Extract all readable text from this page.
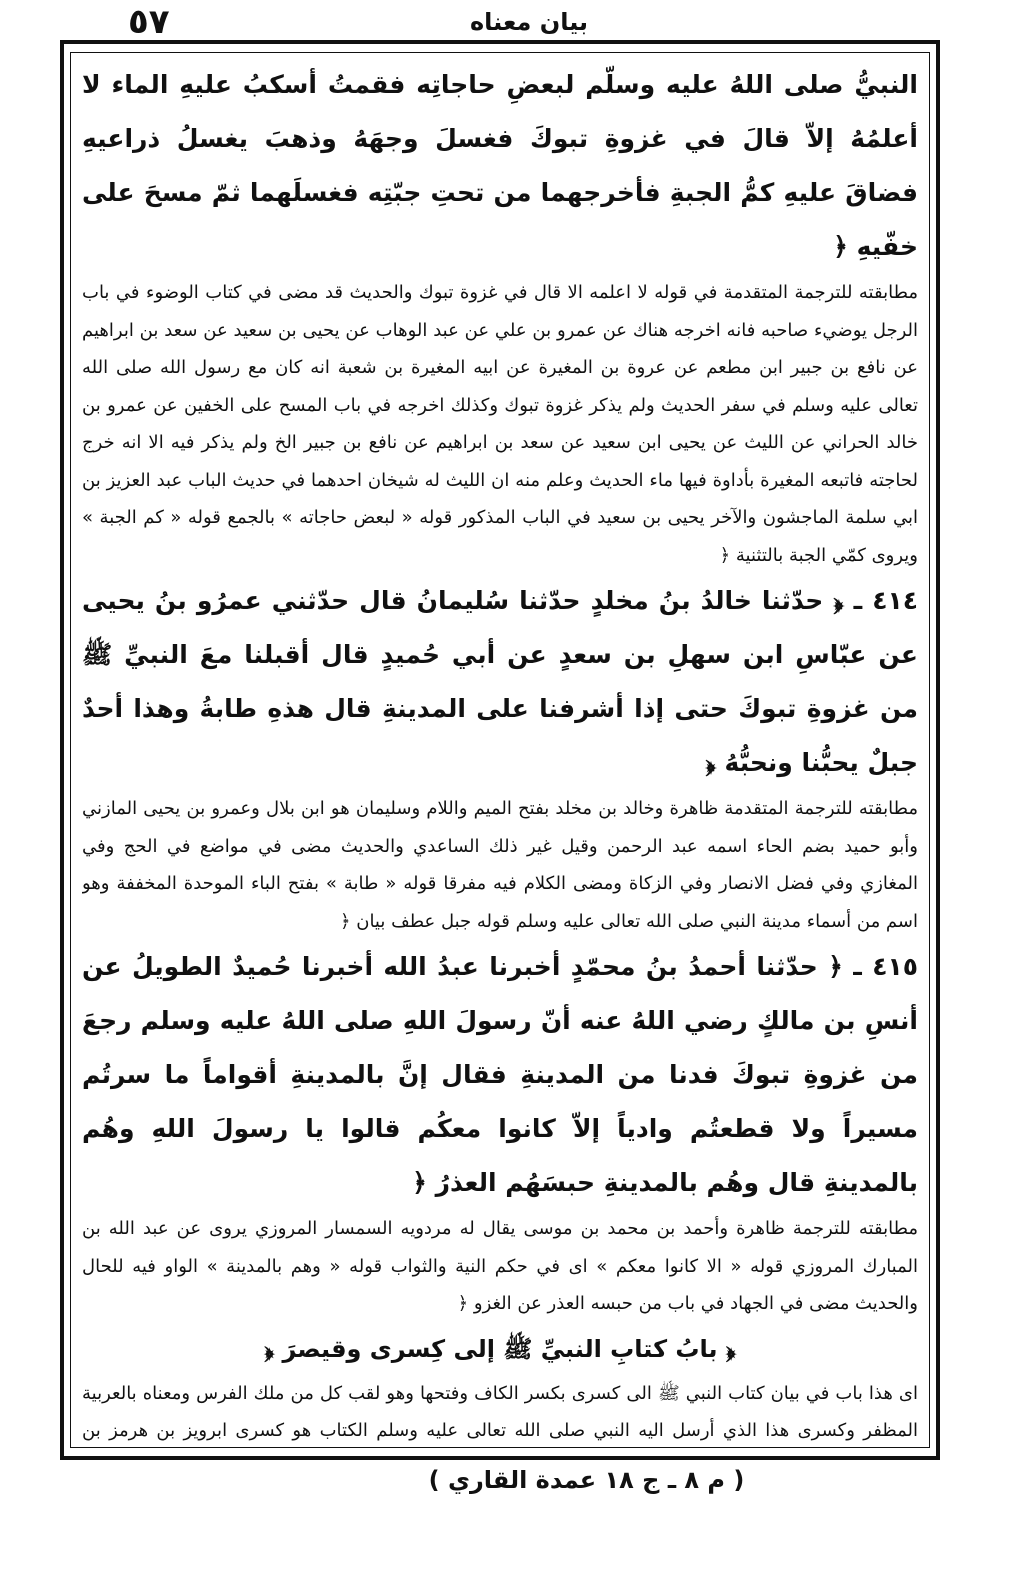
٥٧	بيان معناه

النبيُّ صلى اللهُ عليه وسلّم لبعضِ حاجاتِه فقمتُ أسكبُ عليهِ الماء لا أعلمُهُ إلاّ قالَ في غزوةِ تبوكَ فغسلَ وجهَهُ وذهبَ يغسلُ ذراعيهِ فضاقَ عليهِ كمُّ الجبةِ فأخرجهما من تحتِ جبّتِه فغسلَهما ثمّ مسحَ على خفّيهِ ﴿

مطابقته للترجمة المتقدمة في قوله لا اعلمه الا قال في غزوة تبوك والحديث قد مضى في كتاب الوضوء في باب الرجل يوضيء صاحبه فانه اخرجه هناك عن عمرو بن علي عن عبد الوهاب عن يحيى بن سعيد عن سعد بن ابراهيم عن نافع بن جبير ابن مطعم عن عروة بن المغيرة عن ابيه المغيرة بن شعبة انه كان مع رسول الله صلى الله تعالى عليه وسلم في سفر الحديث ولم يذكر غزوة تبوك وكذلك اخرجه في باب المسح على الخفين عن عمرو بن خالد الحراني عن الليث عن يحيى ابن سعيد عن سعد بن ابراهيم عن نافع بن جبير الخ ولم يذكر فيه الا انه خرج لحاجته فاتبعه المغيرة بأداوة فيها ماء الحديث وعلم منه ان الليث له شيخان احدهما في حديث الباب عبد العزيز بن ابي سلمة الماجشون والآخر يحيى بن سعيد في الباب المذكور قوله « لبعض حاجاته » بالجمع قوله « كم الجبة » ويروى كمّي الجبة بالتثنية ﴿

٤١٤ ـ ﴿ حدّثنا خالدُ بنُ مخلدٍ حدّثنا سُليمانُ قال حدّثني عمرُو بنُ يحيى عن عبّاسِ ابن سهلِ بن سعدٍ عن أبي حُميدٍ قال أقبلنا معَ النبيِّ ﷺ من غزوةِ تبوكَ حتى إذا أشرفنا على المدينةِ قال هذهِ طابةُ وهذا أحدٌ جبلٌ يحبُّنا ونحبُّهُ ﴿

مطابقته للترجمة المتقدمة ظاهرة وخالد بن مخلد بفتح الميم واللام وسليمان هو ابن بلال وعمرو بن يحيى المازني وأبو حميد بضم الحاء اسمه عبد الرحمن وقيل غير ذلك الساعدي والحديث مضى في مواضع في الحج وفي المغازي وفي فضل الانصار وفي الزكاة ومضى الكلام فيه مفرقا قوله « طابة » بفتح الباء الموحدة المخففة وهو اسم من أسماء مدينة النبي صلى الله تعالى عليه وسلم قوله جبل عطف بيان ﴿

٤١٥ ـ ﴿ حدّثنا أحمدُ بنُ محمّدٍ أخبرنا عبدُ الله أخبرنا حُميدٌ الطويلُ عن أنسِ بن مالكٍ رضي اللهُ عنه أنّ رسولَ اللهِ صلى اللهُ عليه وسلم رجعَ من غزوةِ تبوكَ فدنا من المدينةِ فقال إنَّ بالمدينةِ أقواماً ما سرتُم مسيراً ولا قطعتُم وادياً إلاّ كانوا معكُم قالوا يا رسولَ اللهِ وهُم بالمدينةِ قال وهُم بالمدينةِ حبسَهُم العذرُ ﴿

مطابقته للترجمة ظاهرة وأحمد بن محمد بن موسى يقال له مردويه السمسار المروزي يروى عن عبد الله بن المبارك المروزي قوله « الا كانوا معكم » اى في حكم النية والثواب قوله « وهم بالمدينة » الواو فيه للحال والحديث مضى في الجهاد في باب من حبسه العذر عن الغزو ﴿

﴿ بابُ كتابِ النبيِّ ﷺ إلى كِسرى وقيصرَ ﴿

اى هذا باب في بيان كتاب النبي ﷺ الى كسرى بكسر الكاف وفتحها وهو لقب كل من ملك الفرس ومعناه بالعربية المظفر وكسرى هذا الذي أرسل اليه النبي صلى الله تعالى عليه وسلم الكتاب هو كسرى ابرويز بن هرمز بن

( م ٨ ـ ج ١٨ عمدة القاري )
